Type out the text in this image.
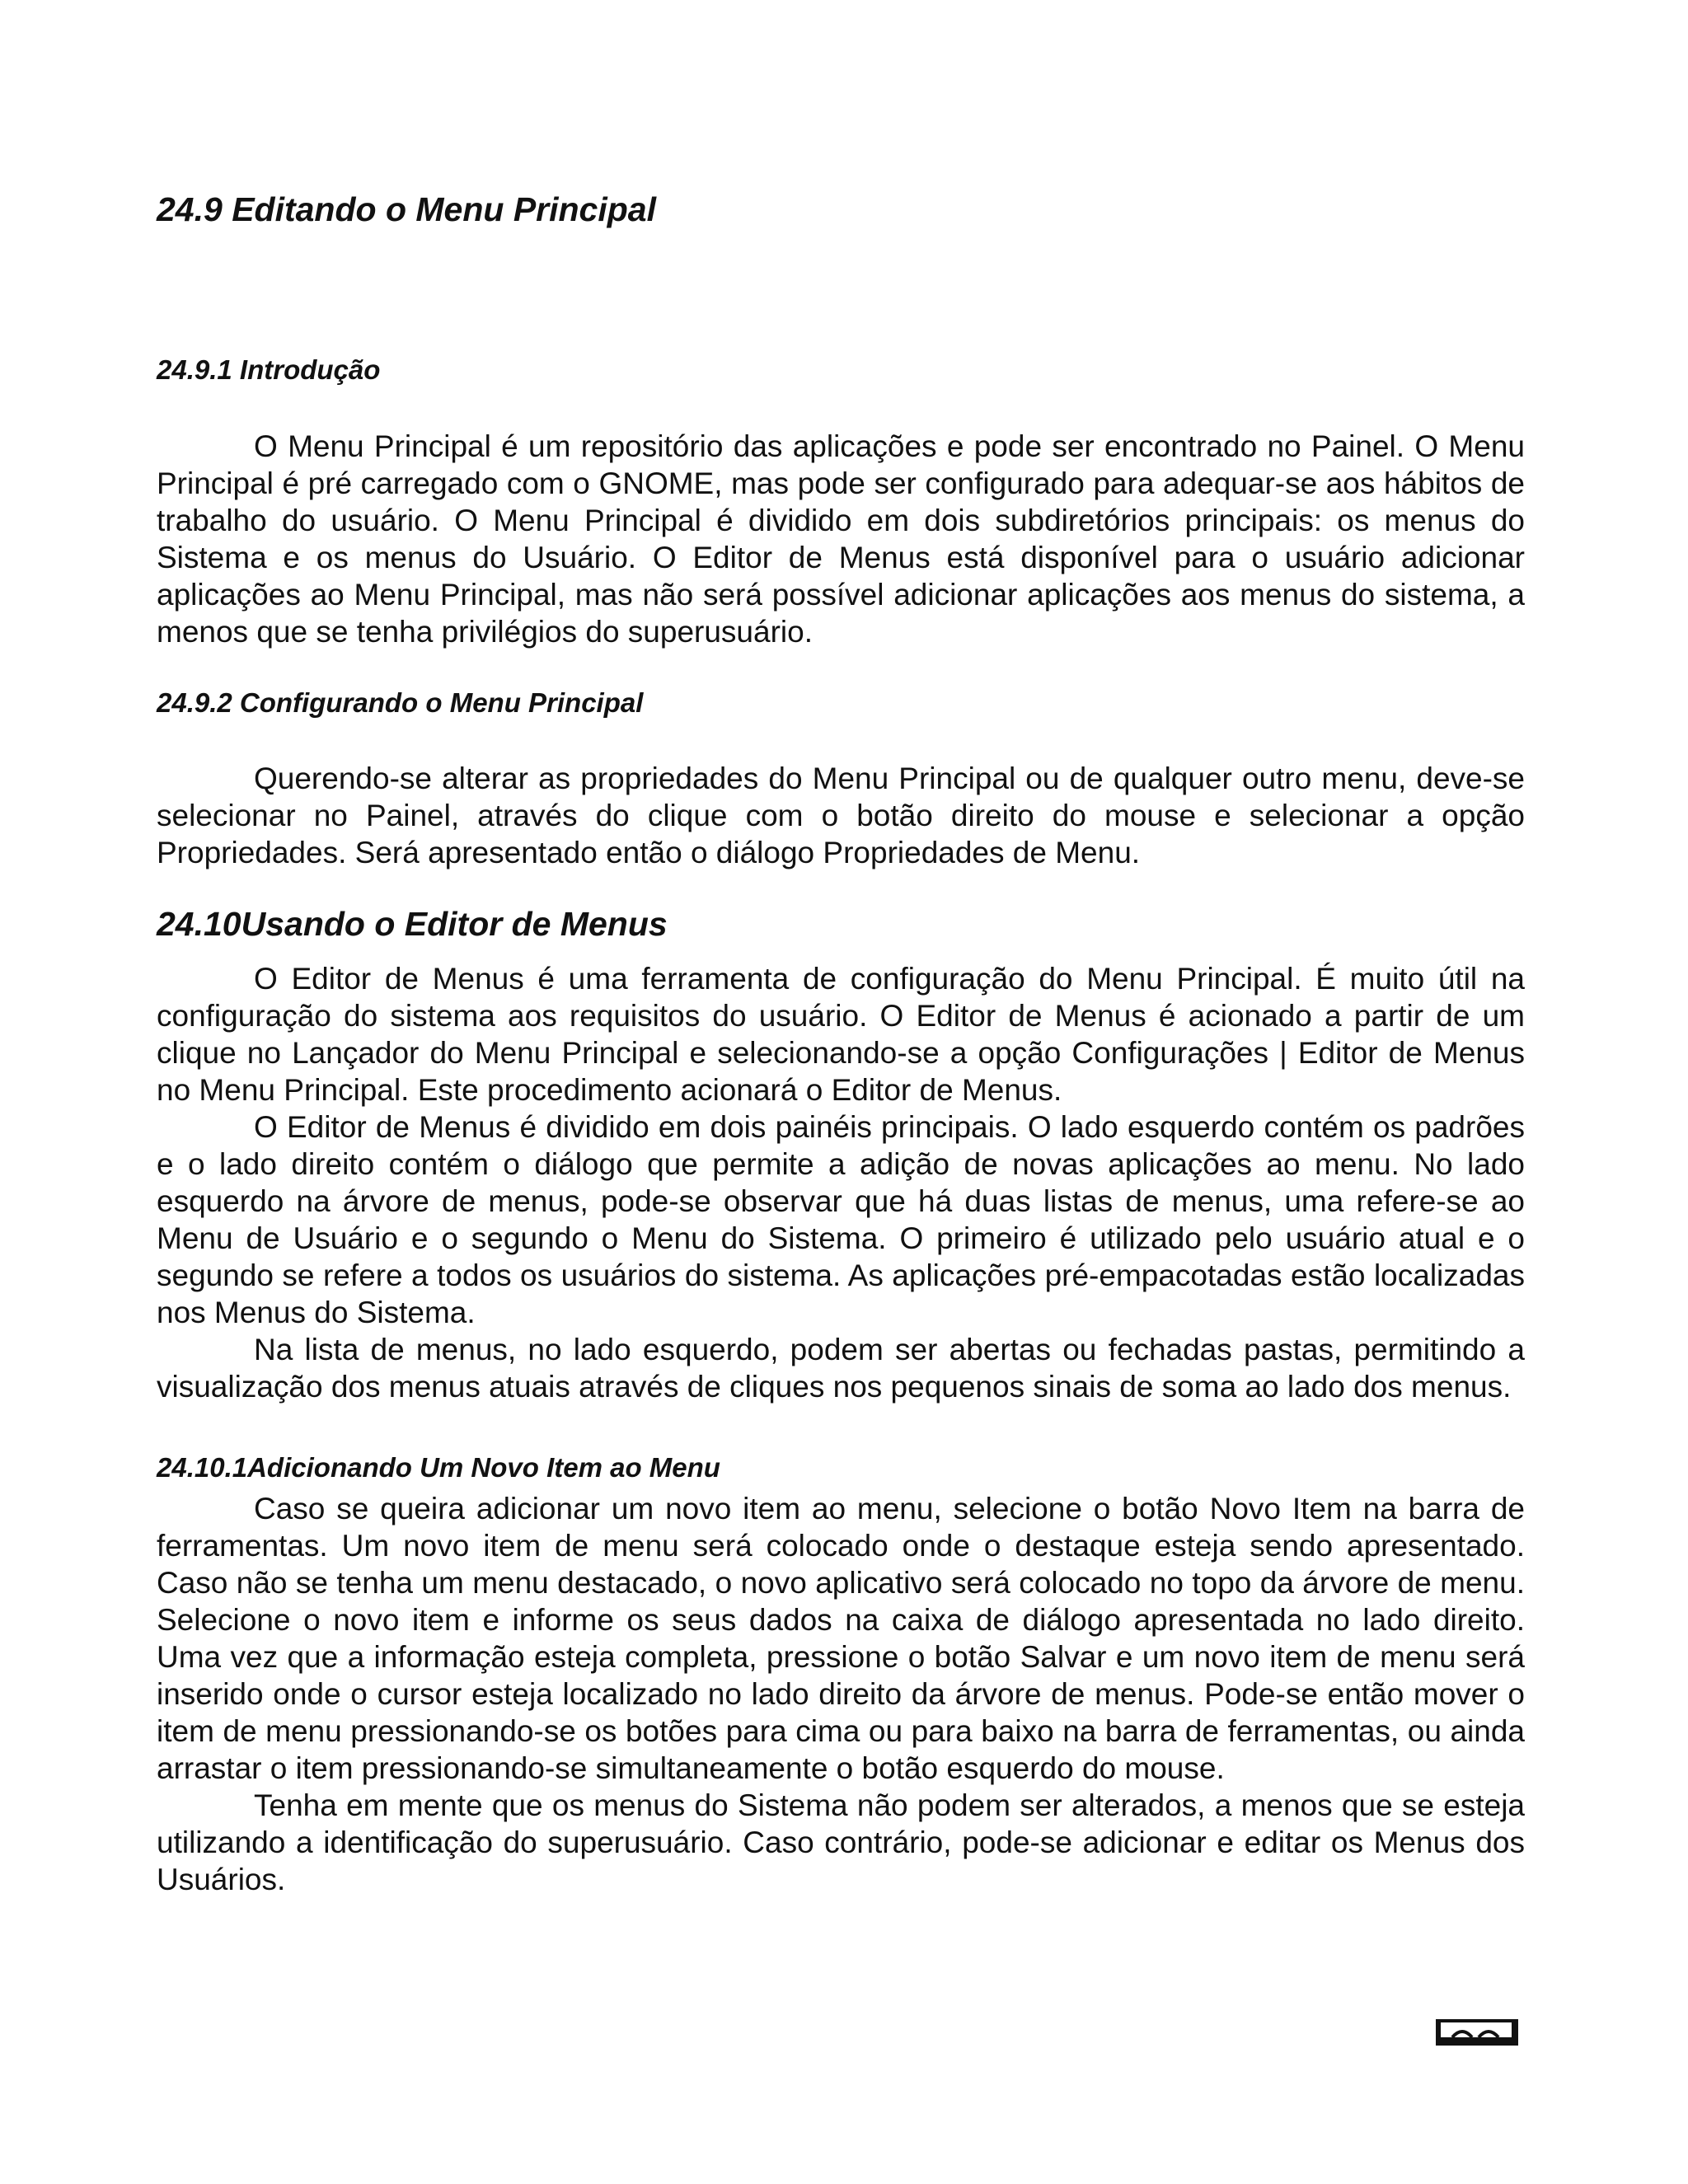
24.9 Editando o Menu Principal
24.9.1 Introdução

O Menu Principal é um repositório das aplicações e pode ser encontrado no Painel. O Menu Principal é pré carregado com o GNOME, mas pode ser configurado para adequar-se aos hábitos de trabalho do usuário. O Menu Principal é dividido em dois subdiretórios principais: os menus do Sistema e os menus do Usuário. O Editor de Menus está disponível para o usuário adicionar aplicações ao Menu Principal, mas não será possível adicionar aplicações aos menus do sistema, a menos que se tenha privilégios do superusuário.

24.9.2 Configurando o Menu Principal

Querendo-se alterar as propriedades do Menu Principal ou de qualquer outro menu, deve-se selecionar no Painel, através do clique com o botão direito do mouse e selecionar a opção Propriedades. Será apresentado então o diálogo Propriedades de Menu.

24.10Usando o Editor de Menus

O Editor de Menus é uma ferramenta de configuração do Menu Principal. É muito útil na configuração do sistema aos requisitos do usuário. O Editor de Menus é acionado a partir de um clique no Lançador do Menu Principal e selecionando-se a opção Configurações | Editor de Menus no Menu Principal. Este procedimento acionará o Editor de Menus.

O Editor de Menus é dividido em dois painéis principais. O lado esquerdo contém os padrões e o lado direito contém o diálogo que permite a adição de novas aplicações ao menu. No lado esquerdo na árvore de menus, pode-se observar que há duas listas de menus, uma refere-se ao Menu de Usuário e o segundo o Menu do Sistema. O primeiro é utilizado pelo usuário atual e o segundo se refere a todos os usuários do sistema. As aplicações pré-empacotadas estão localizadas nos Menus do Sistema.

Na lista de menus, no lado esquerdo, podem ser abertas ou fechadas pastas, permitindo a visualização dos menus atuais através de cliques nos pequenos sinais de soma ao lado dos menus.

24.10.1Adicionando Um Novo Item ao Menu

Caso se queira adicionar um novo item ao menu, selecione o botão Novo Item na barra de ferramentas. Um novo item de menu será colocado onde o destaque esteja sendo apresentado. Caso não se tenha um menu destacado, o novo aplicativo será colocado no topo da árvore de menu. Selecione o novo item e informe os seus dados na caixa de diálogo apresentada no lado direito. Uma vez que a informação esteja completa, pressione o botão Salvar e um novo item de menu será inserido onde o cursor esteja localizado no lado direito da árvore de menus. Pode-se então mover o item de menu pressionando-se os botões para cima ou para baixo na barra de ferramentas, ou ainda arrastar o item pressionando-se simultaneamente o botão esquerdo do mouse.

Tenha em mente que os menus do Sistema não podem ser alterados, a menos que se esteja utilizando a identificação do superusuário. Caso contrário, pode-se adicionar e editar os Menus dos Usuários.
